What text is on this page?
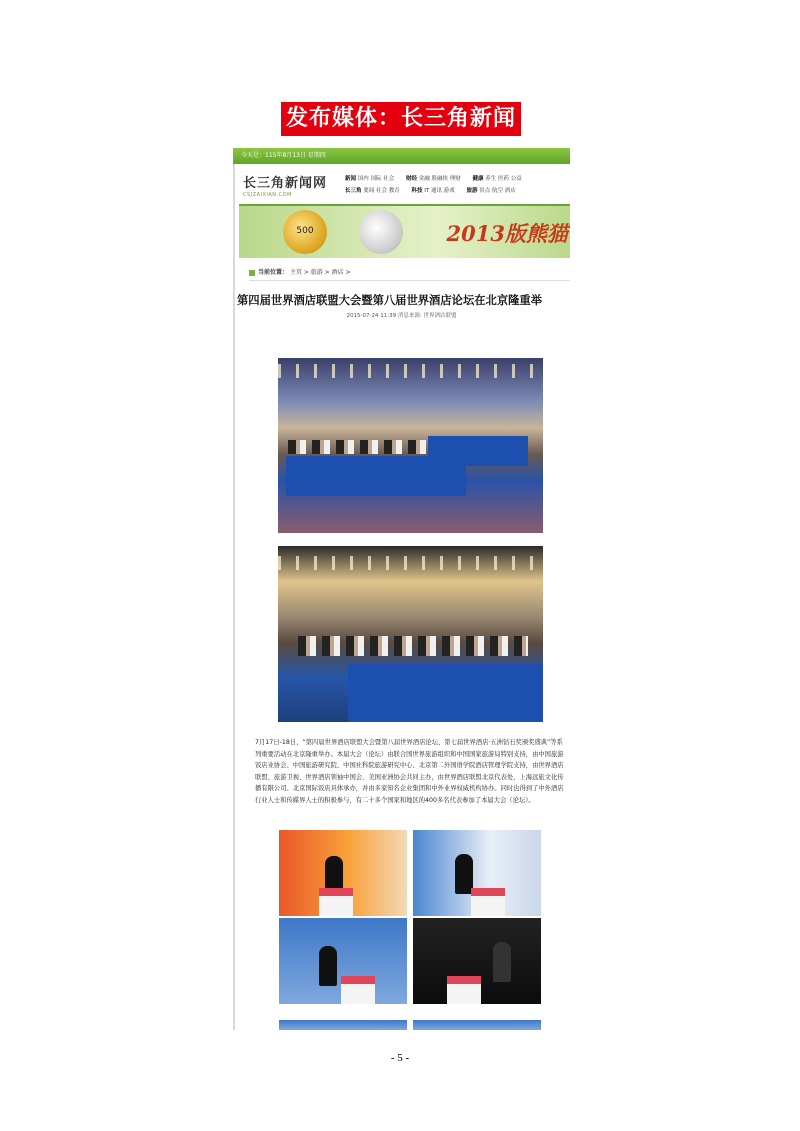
发布媒体：长三角新闻
今天是：115年8月13日 星期四
长三角新闻网
CSJZAIXIAN.COM
新闻 国内 国际 社会 财经 金融 股融侠 理财 健康 养生 医药 公益
长三角 要闻 社会 教育 科技 IT 通讯 游戏 旅游 景点 航空 酒店
500	2013版熊猫
当前位置： 主页 > 旅游 > 酒店 >
第四届世界酒店联盟大会暨第八届世界酒店论坛在北京隆重举
2015-07-24 11:39 消息来源: 世界酒店联盟
7月17日-18日，“第四届世界酒店联盟大会暨第八届世界酒店论坛、第七届世界酒店·五洲钻石奖颁奖盛典”等系列重要活动在北京隆重举办。本届大会（论坛）由联合国世界旅游组织和中国国家旅游局特别支持，由中国旅游饭店业协会、中国旅游研究院、中国社科院旅游研究中心、北京第二外国语学院酒店管理学院支持，由世界酒店联盟、旅游卫视、世界酒店领袖中国会、美国亚洲协会共同主办，由世界酒店联盟北京代表处、上海远旅文化传播有限公司、北京国际饭店具体承办，并由多家知名企业集团和中外业界权威机构协办。同时也得到了中外酒店行业人士和传媒界人士的积极参与，有二十多个国家和地区的400多名代表参加了本届大会（论坛）。
- 5 -
